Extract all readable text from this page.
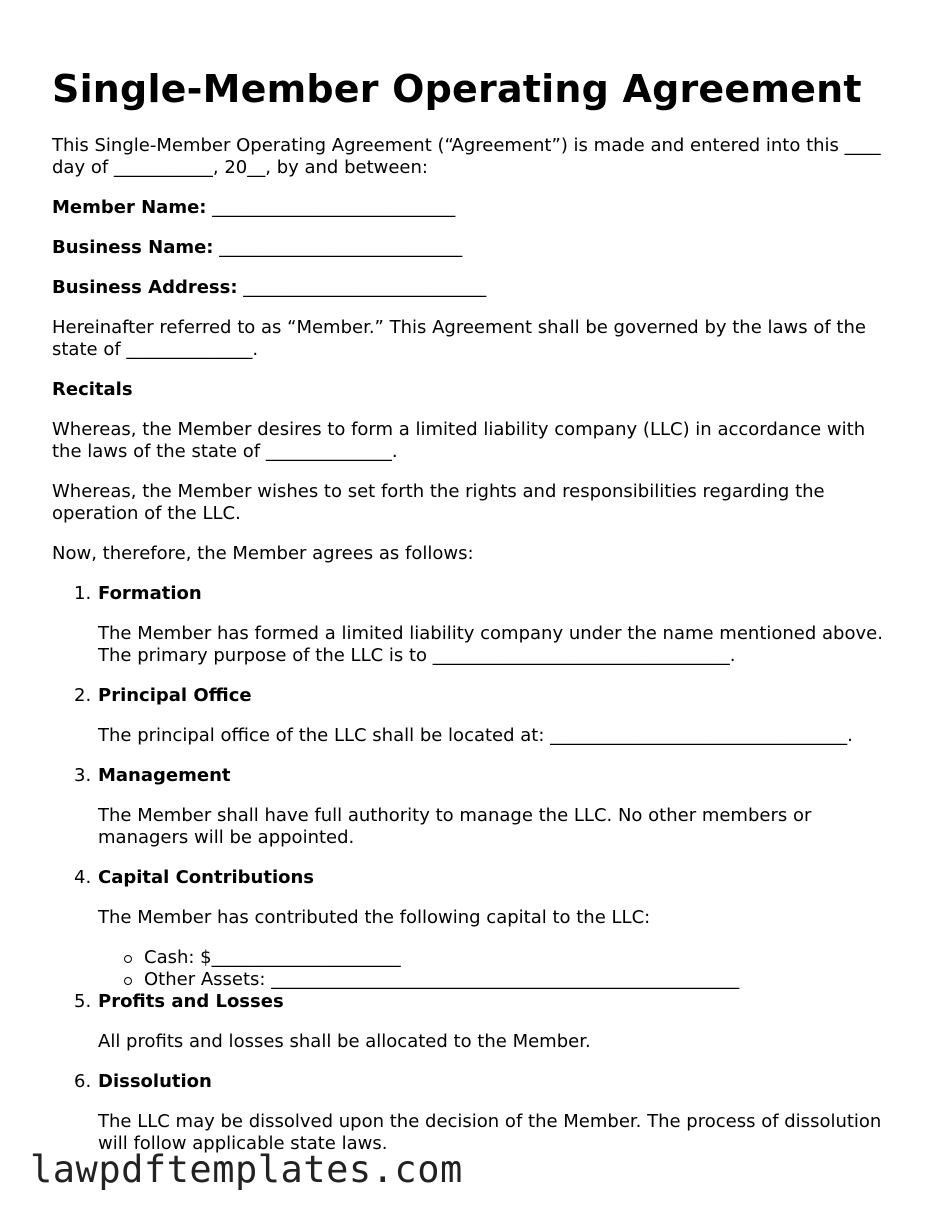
Single-Member Operating Agreement

This Single-Member Operating Agreement (“Agreement”) is made and entered into this ____ day of ___________, 20__, by and between:

Member Name: ___________________________

Business Name: ___________________________

Business Address: ___________________________

Hereinafter referred to as “Member.” This Agreement shall be governed by the laws of the state of ______________.

Recitals

Whereas, the Member desires to form a limited liability company (LLC) in accordance with the laws of the state of ______________.

Whereas, the Member wishes to set forth the rights and responsibilities regarding the operation of the LLC.

Now, therefore, the Member agrees as follows:

Formation

The Member has formed a limited liability company under the name mentioned above. The primary purpose of the LLC is to _________________________________.

Principal Office

The principal office of the LLC shall be located at: _________________________________.

Management

The Member shall have full authority to manage the LLC. No other members or managers will be appointed.

Capital Contributions

The Member has contributed the following capital to the LLC:

Cash: $_____________________
Other Assets: ____________________________________________________
Profits and Losses

All profits and losses shall be allocated to the Member.

Dissolution

The LLC may be dissolved upon the decision of the Member. The process of dissolution will follow applicable state laws.

lawpdftemplates.com
